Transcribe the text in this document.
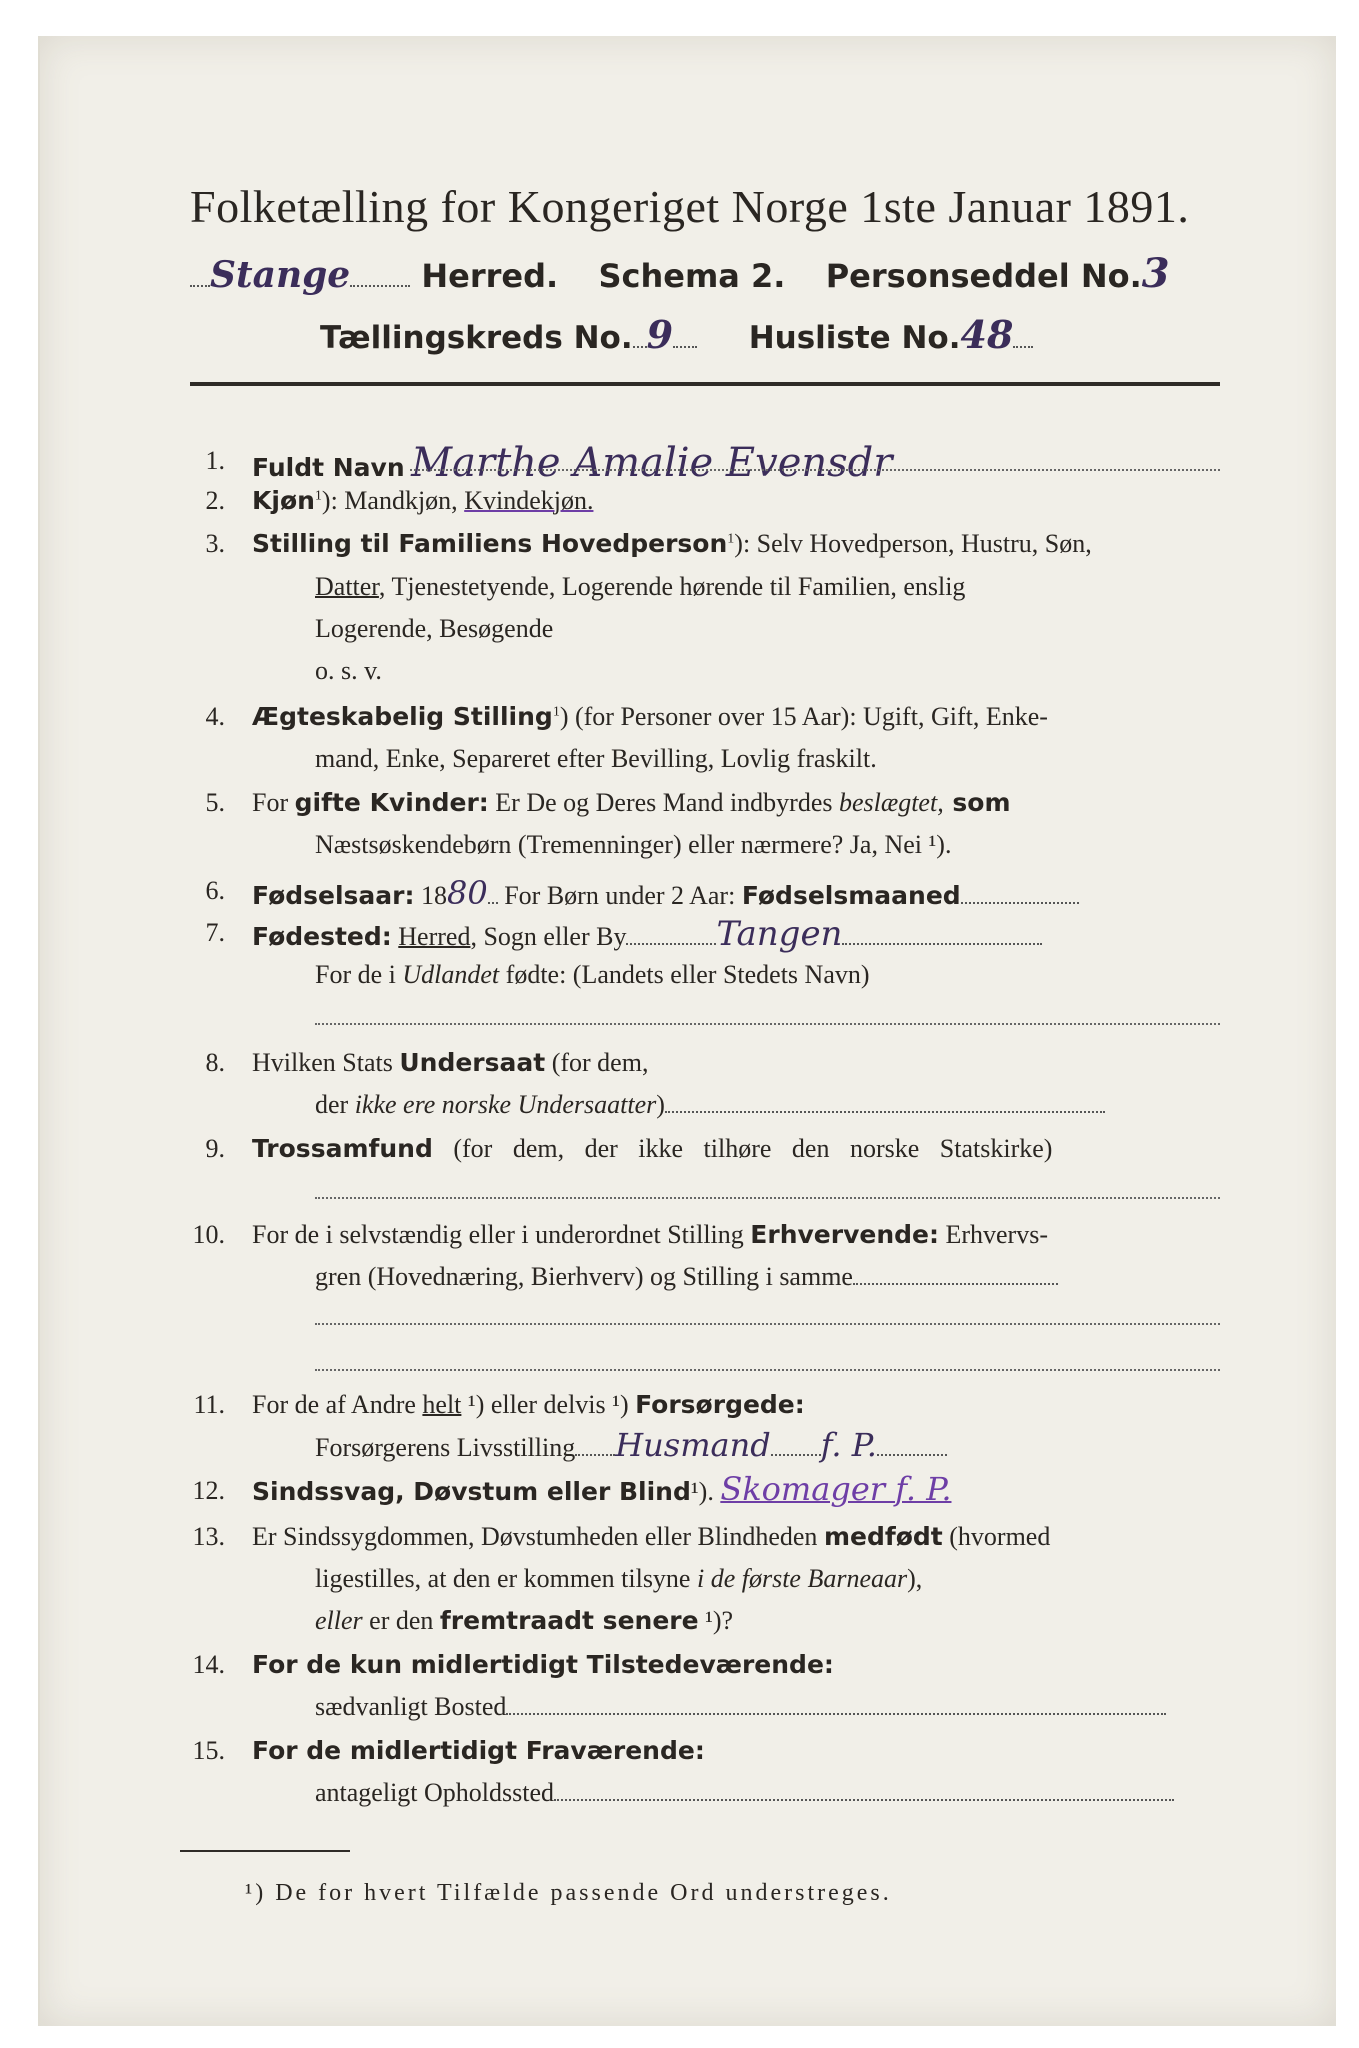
Folketælling for Kongeriget Norge 1ste Januar 1891.
Stange Herred. Schema 2. Personseddel No.3
Tællingskreds No. 9 Husliste No.48
1. Fuldt Navn Marthe Amalie Evensdr
2. Kjøn$^1$): Mandkjøn, Kvindekjøn.
3. Stilling til Familiens Hovedperson$^1$): Selv Hovedperson, Hustru, Søn,
Datter, Tjenestetyende, Logerende hørende til Familien, enslig
Logerende, Besøgende
o. s. v.
4. Ægteskabelig Stilling$^1$) (for Personer over 15 Aar): Ugift, Gift, Enke-
mand, Enke, Separeret efter Bevilling, Lovlig fraskilt.
5. For gifte Kvinder: Er De og Deres Mand indbyrdes beslægtet, som
Næstsøskendebørn (Tremenninger) eller nærmere? Ja, Nei ¹).
6. Fødselsaar: 1880 For Børn under 2 Aar: Fødselsmaaned
7. Fødested: Herred, Sogn eller By	Tangen
For de i Udlandet fødte: (Landets eller Stedets Navn)
8. Hvilken Stats Undersaat (for dem,
der ikke ere norske Undersaatter)
9. Trossamfund (for dem, der ikke tilhøre den norske Statskirke)
10. For de i selvstændig eller i underordnet Stilling Erhvervende: Erhvervs-
gren (Hovednæring, Bierhverv) og Stilling i samme
11. For de af Andre helt ¹) eller delvis ¹) Forsørgede:
Forsørgerens Livsstilling Husmand f. P.
12. Sindssvag, Døvstum eller Blind¹). Skomager f. P.
13. Er Sindssygdommen, Døvstumheden eller Blindheden medfødt (hvormed
ligestilles, at den er kommen tilsyne i de første Barneaar),
eller er den fremtraadt senere ¹)?
14. For de kun midlertidigt Tilstedeværende:
sædvanligt Bosted
15. For de midlertidigt Fraværende:
antageligt Opholdssted
¹) De for hvert Tilfælde passende Ord understreges.
